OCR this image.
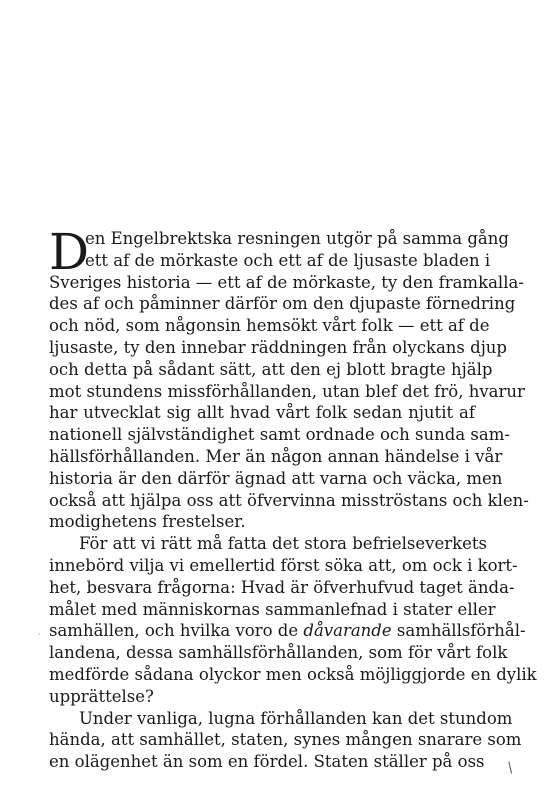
D
en Engelbrektska resningen utgör på samma gång
ett af de mörkaste och ett af de ljusaste bladen i
Sveriges historia — ett af de mörkaste, ty den framkalla-
des af och påminner därför om den djupaste förnedring
och nöd, som någonsin hemsökt vårt folk — ett af de
ljusaste, ty den innebar räddningen från olyckans djup
och detta på sådant sätt, att den ej blott bragte hjälp
mot stundens missförhållanden, utan blef det frö, hvarur
har utvecklat sig allt hvad vårt folk sedan njutit af
nationell självständighet samt ordnade och sunda sam-
hällsförhållanden. Mer än någon annan händelse i vår
historia är den därför ägnad att varna och väcka, men
också att hjälpa oss att öfvervinna misströstans och klen-
modighetens frestelser.
För att vi rätt må fatta det stora befrielseverkets
innebörd vilja vi emellertid först söka att, om ock i kort-
het, besvara frågorna: Hvad är öfverhufvud taget ända-
målet med människornas sammanlefnad i stater eller
samhällen, och hvilka voro de dåvarande samhällsförhål-
landena, dessa samhällsförhållanden, som för vårt folk
medförde sådana olyckor men också möjliggjorde en dylik
upprättelse?
Under vanliga, lugna förhållanden kan det stundom
hända, att samhället, staten, synes mången snarare som
en olägenhet än som en fördel. Staten ställer på oss
·
/
